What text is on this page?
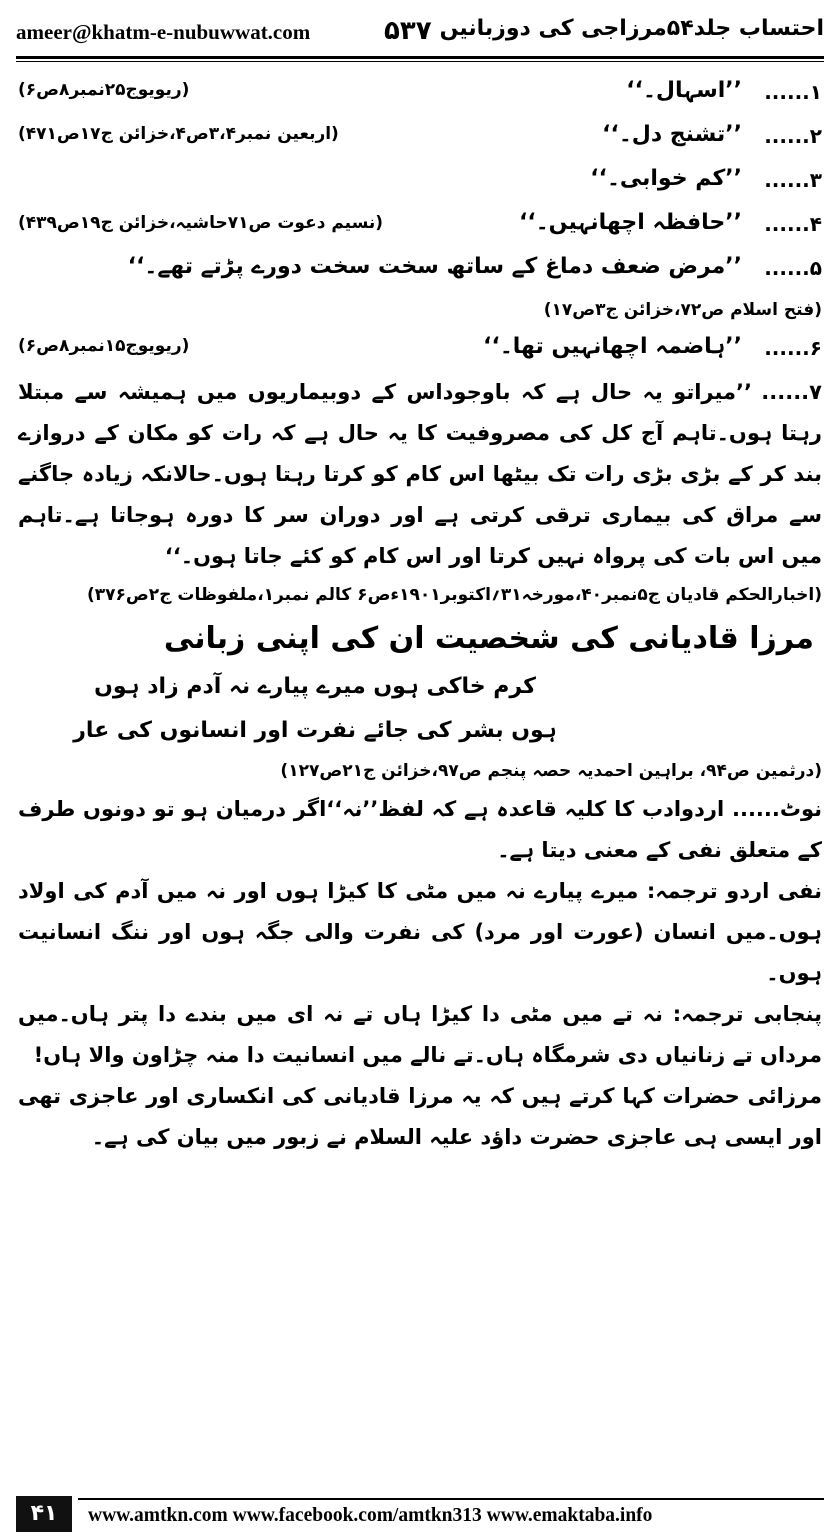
ameer@khatm-e-nubuwwat.com	۵۳۷ احتساب جلد۵۴مرزاجی کی دوزبانیں
۱......
’’اسہال۔‘‘
(ریویوج۲۵نمبر۸ص۶)
۲......
’’تشنج دل۔‘‘
(اربعین نمبر۳،۴ص۴،خزائن ج۱۷ص۴۷۱)
۳......
’’کم خوابی۔‘‘
۴......
’’حافظہ اچھانہیں۔‘‘
(نسیم دعوت ص۷۱حاشیہ،خزائن ج۱۹ص۴۳۹)
۵......
’’مرض ضعف دماغ کے ساتھ سخت سخت دورے پڑتے تھے۔‘‘
(فتح اسلام ص۷۲،خزائن ج۳ص۱۷)
۶......
’’ہاضمہ اچھانہیں تھا۔‘‘
(ریویوج۱۵نمبر۸ص۶)
۷......’’میراتو یہ حال ہے کہ باوجوداس کے دوبیماریوں میں ہمیشہ سے مبتلا رہتا ہوں۔تاہم آج کل کی مصروفیت کا یہ حال ہے کہ رات کو مکان کے دروازے بند کر کے بڑی بڑی رات تک بیٹھا اس کام کو کرتا رہتا ہوں۔حالانکہ زیادہ جاگنے سے مراق کی بیماری ترقی کرتی ہے اور دوران سر کا دورہ ہوجاتا ہے۔تاہم میں اس بات کی پرواہ نہیں کرتا اور اس کام کو کئے جاتا ہوں۔‘‘
(اخبارالحکم قادیان ج۵نمبر۴۰،مورخہ۳۱؍اکتوبر۱۹۰۱ءص۶ کالم نمبر۱،ملفوظات ج۲ص۳۷۶)
مرزا قادیانی کی شخصیت ان کی اپنی زبانی
کرم خاکی ہوں میرے پیارے نہ آدم زاد ہوں
ہوں بشر کی جائے نفرت اور انسانوں کی عار
(درثمین ص۹۴، براہین احمدیہ حصہ پنجم ص۹۷،خزائن ج۲۱ص۱۲۷)
نوٹ...... اردوادب کا کلیہ قاعدہ ہے کہ لفظ’’نہ‘‘اگر درمیان ہو تو دونوں طرف کے متعلق نفی کے معنی دیتا ہے۔
نفی اردو ترجمہ: میرے پیارے نہ میں مٹی کا کیڑا ہوں اور نہ میں آدم کی اولاد ہوں۔میں انسان (عورت اور مرد) کی نفرت والی جگہ ہوں اور ننگ انسانیت ہوں۔
پنجابی ترجمہ: نہ تے میں مٹی دا کیڑا ہاں تے نہ ای میں بندے دا پتر ہاں۔میں مرداں تے زنانیاں دی شرمگاہ ہاں۔تے نالے میں انسانیت دا منہ چڑاون والا ہاں!
مرزائی حضرات کہا کرتے ہیں کہ یہ مرزا قادیانی کی انکساری اور عاجزی تھی اور ایسی ہی عاجزی حضرت داؤد علیہ السلام نے زبور میں بیان کی ہے۔
۴۱	www.amtkn.com www.facebook.com/amtkn313 www.emaktaba.info
